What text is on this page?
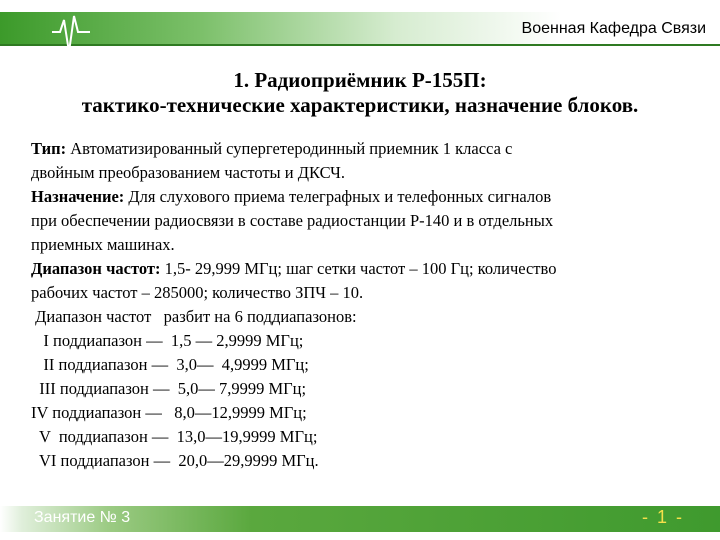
Военная Кафедра Связи
1. Радиоприёмник Р-155П:
тактико-технические характеристики, назначение блоков.

Тип: Автоматизированный супергетеродинный приемник 1 класса с

двойным преобразованием частоты и ДКСЧ.

Назначение: Для слухового приема телеграфных и телефонных сигналов

при обеспечении радиосвязи в составе радиостанции Р-140 и в отдельных

приемных машинах.

Диапазон частот: 1,5- 29,999 МГц; шаг сетки частот – 100 Гц; количество

рабочих частот – 285000; количество ЗПЧ – 10.

Диапазон частот   разбит на 6 поддиапазонов:

I поддиапазон —  1,5 — 2,9999 МГц;

II поддиапазон —  3,0—  4,9999 МГц;

III поддиапазон —  5,0— 7,9999 МГц;

IV поддиапазон —   8,0—12,9999 МГц;

V  поддиапазон —  13,0—19,9999 МГц;

VI поддиапазон —  20,0—29,9999 МГц.

Занятие № 3	- 1 -
